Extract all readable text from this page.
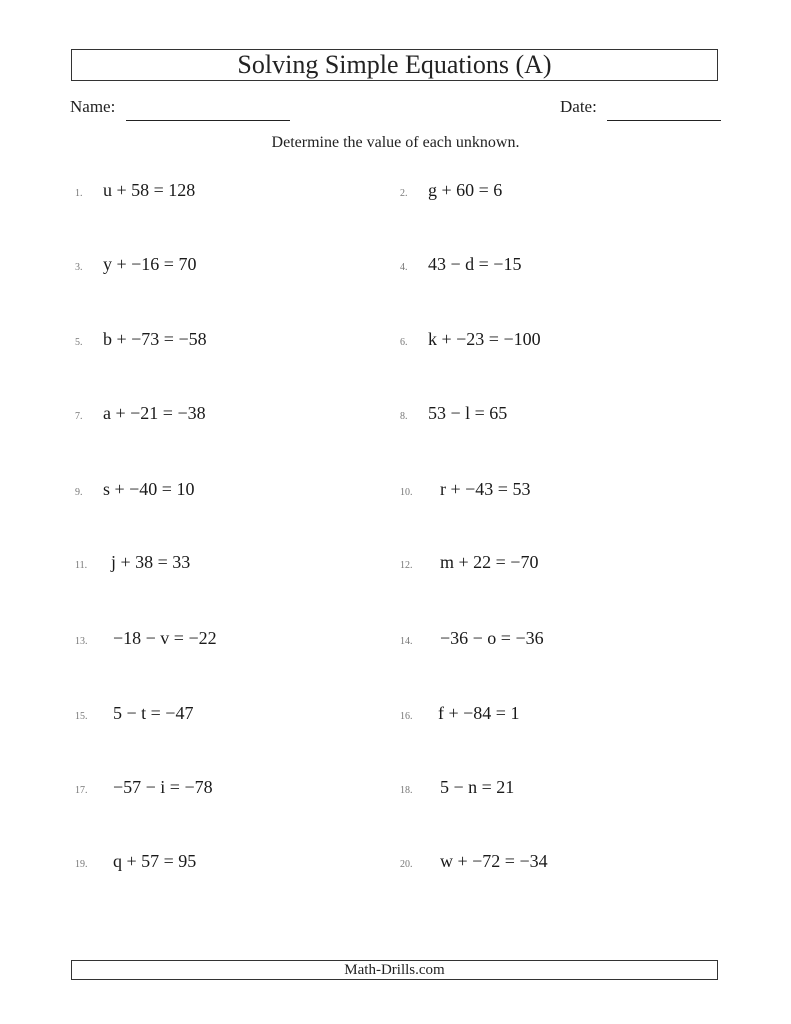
Solving Simple Equations (A)
Name:	Date:
Determine the value of each unknown.
1.	u + 58 = 128	2.	g + 60 = 6
3.	y + −16 = 70	4.	43 − d = −15
5.	b + −73 = −58	6.	k + −23 = −100
7.	a + −21 = −38	8.	53 − l = 65
9.	s + −40 = 10	10.	r + −43 = 53
11.	j + 38 = 33	12.	m + 22 = −70
13.	−18 − v = −22	14.	−36 − o = −36
15.	5 − t = −47	16.	f + −84 = 1
17.	−57 − i = −78	18.	5 − n = 21
19.	q + 57 = 95	20.	w + −72 = −34
Math-Drills.com
